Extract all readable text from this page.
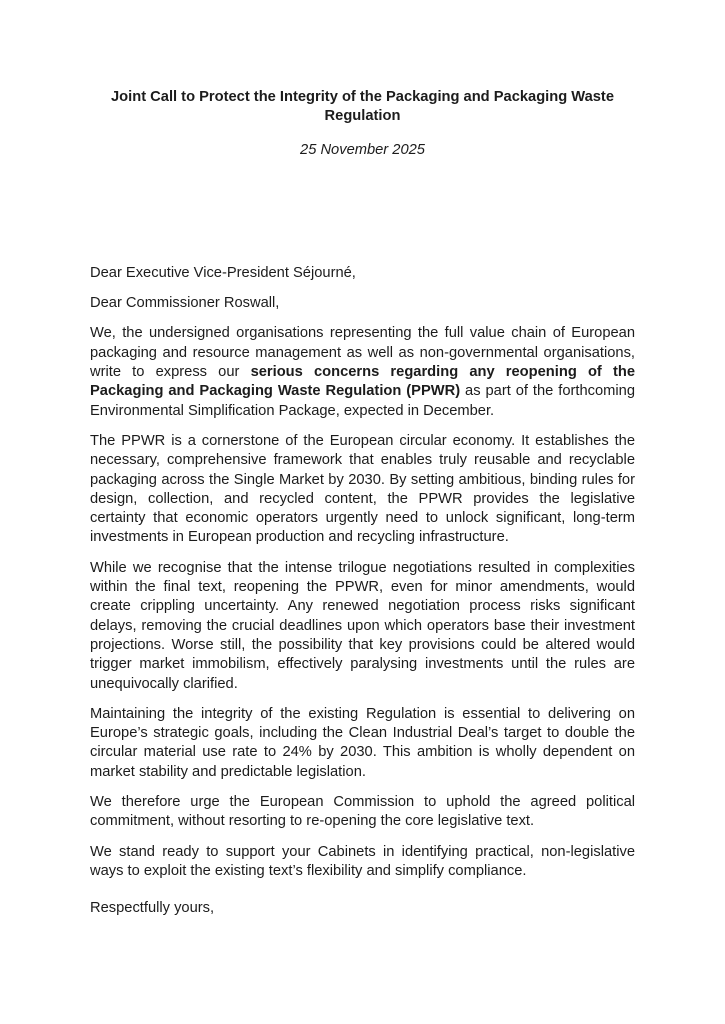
Joint Call to Protect the Integrity of the Packaging and Packaging Waste Regulation
25 November 2025
Dear Executive Vice-President Séjourné,
Dear Commissioner Roswall,

We, the undersigned organisations representing the full value chain of European packaging and resource management as well as non-governmental organisations, write to express our serious concerns regarding any reopening of the Packaging and Packaging Waste Regulation (PPWR) as part of the forthcoming Environmental Simplification Package, expected in December.

The PPWR is a cornerstone of the European circular economy. It establishes the necessary, comprehensive framework that enables truly reusable and recyclable packaging across the Single Market by 2030. By setting ambitious, binding rules for design, collection, and recycled content, the PPWR provides the legislative certainty that economic operators urgently need to unlock significant, long-term investments in European production and recycling infrastructure.

While we recognise that the intense trilogue negotiations resulted in complexities within the final text, reopening the PPWR, even for minor amendments, would create crippling uncertainty. Any renewed negotiation process risks significant delays, removing the crucial deadlines upon which operators base their investment projections. Worse still, the possibility that key provisions could be altered would trigger market immobilism, effectively paralysing investments until the rules are unequivocally clarified.

Maintaining the integrity of the existing Regulation is essential to delivering on Europe’s strategic goals, including the Clean Industrial Deal’s target to double the circular material use rate to 24% by 2030. This ambition is wholly dependent on market stability and predictable legislation.

We therefore urge the European Commission to uphold the agreed political commitment, without resorting to re-opening the core legislative text.

We stand ready to support your Cabinets in identifying practical, non-legislative ways to exploit the existing text’s flexibility and simplify compliance.

Respectfully yours,
